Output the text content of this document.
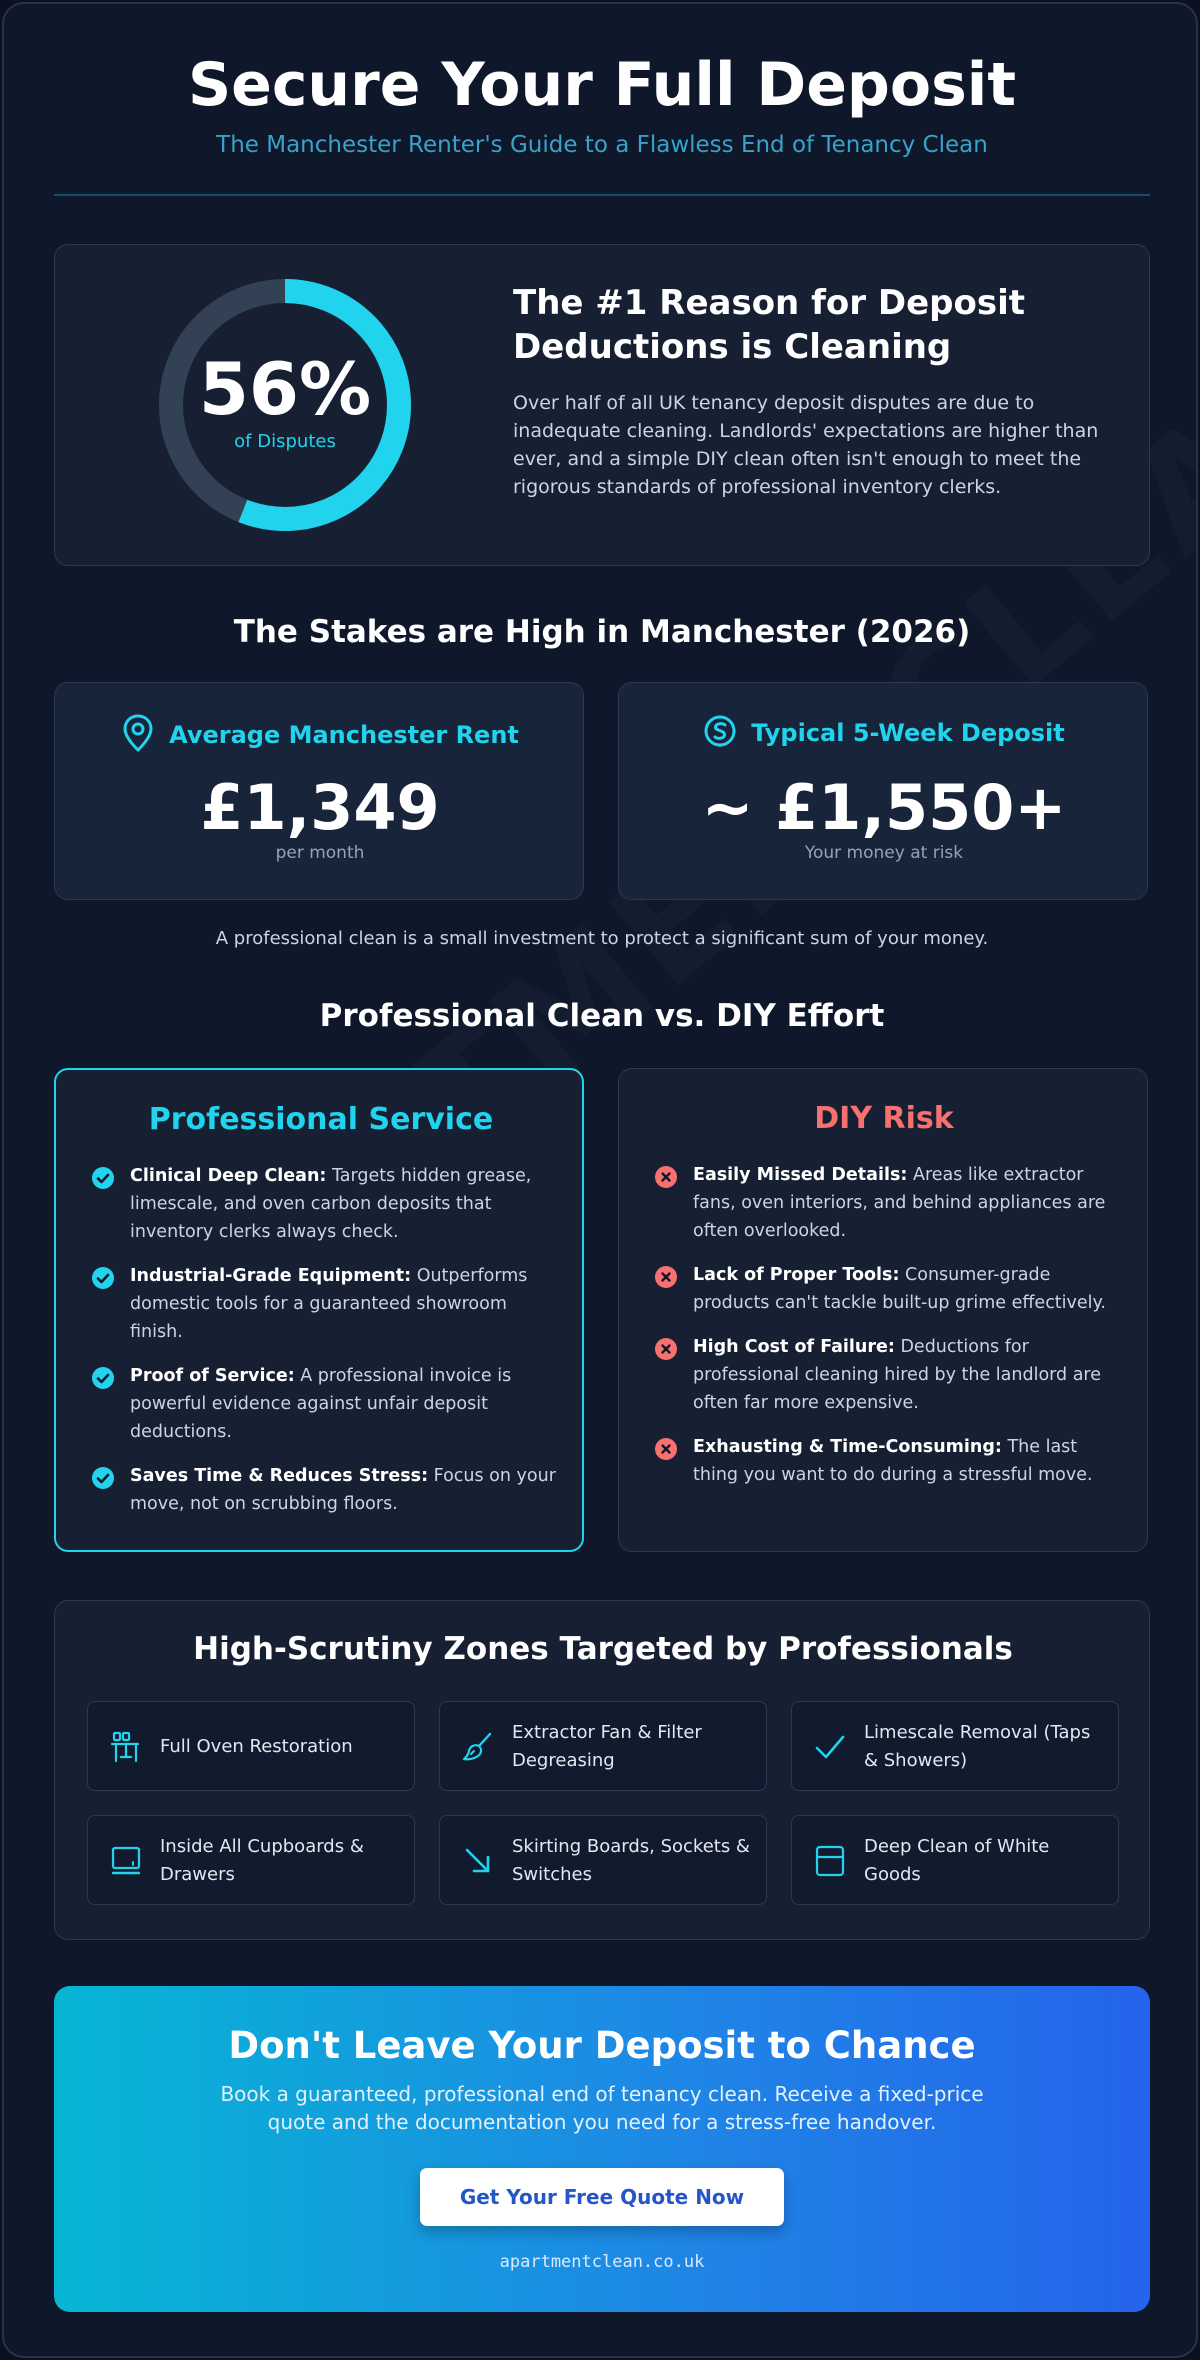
Secure Your Full Deposit
The Manchester Renter's Guide to a Flawless End of Tenancy Clean
56%
of Disputes
The #1 Reason for Deposit Deductions is Cleaning

Over half of all UK tenancy deposit disputes are due to inadequate cleaning. Landlords' expectations are higher than ever, and a simple DIY clean often isn't enough to meet the rigorous standards of professional inventory clerks.

The Stakes are High in Manchester (2026)
Average Manchester Rent
£1,349
per month
Typical 5-Week Deposit
~ £1,550+
Your money at risk

A professional clean is a small investment to protect a significant sum of your money.

Professional Clean vs. DIY Effort
Professional Service
Clinical Deep Clean: Targets hidden grease, limescale, and oven carbon deposits that inventory clerks always check.
Industrial-Grade Equipment: Outperforms domestic tools for a guaranteed showroom finish.
Proof of Service: A professional invoice is powerful evidence against unfair deposit deductions.
Saves Time & Reduces Stress: Focus on your move, not on scrubbing floors.
DIY Risk
Easily Missed Details: Areas like extractor fans, oven interiors, and behind appliances are often overlooked.
Lack of Proper Tools: Consumer-grade products can't tackle built-up grime effectively.
High Cost of Failure: Deductions for professional cleaning hired by the landlord are often far more expensive.
Exhausting & Time-Consuming: The last thing you want to do during a stressful move.
High-Scrutiny Zones Targeted by Professionals
Full Oven Restoration
Extractor Fan & Filter Degreasing
Limescale Removal (Taps & Showers)
Inside All Cupboards & Drawers
Skirting Boards, Sockets & Switches
Deep Clean of White Goods
Don't Leave Your Deposit to Chance

Book a guaranteed, professional end of tenancy clean. Receive a fixed-price quote and the documentation you need for a stress-free handover.

Get Your Free Quote Now
apartmentclean.co.uk
